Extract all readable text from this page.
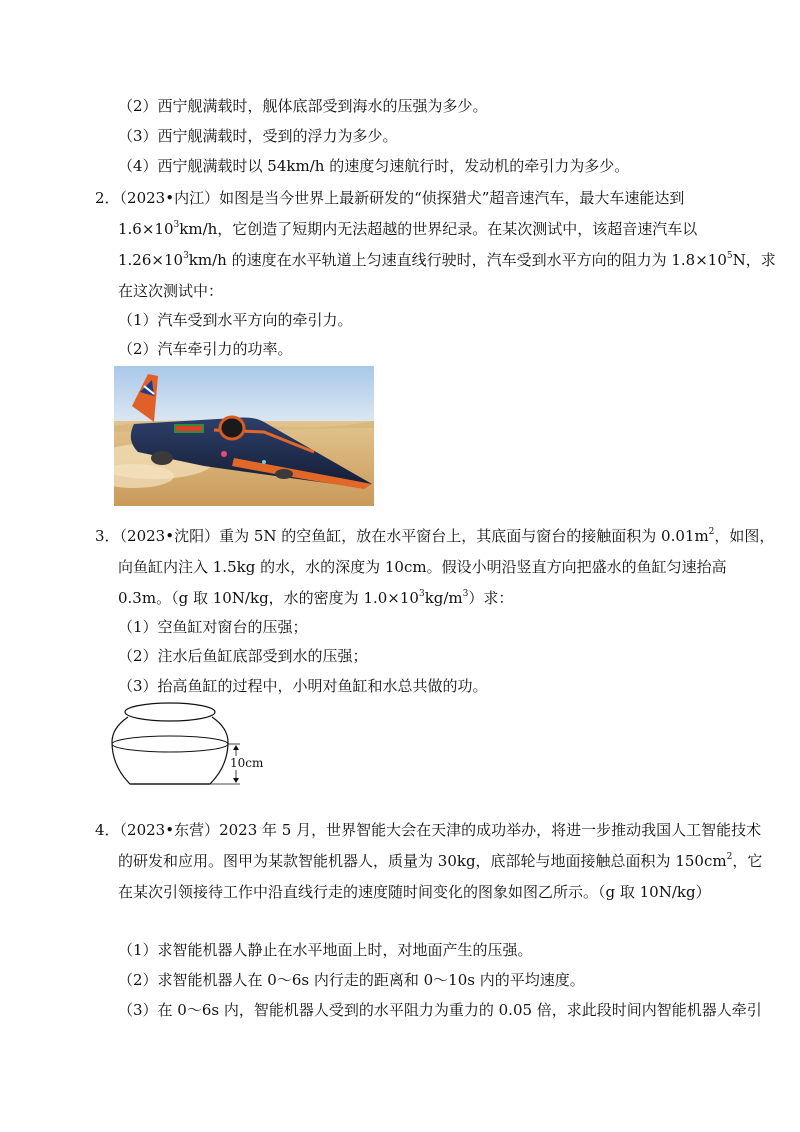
（2）西宁舰满载时，舰体底部受到海水的压强为多少。
（3）西宁舰满载时，受到的浮力为多少。
（4）西宁舰满载时以 54km/h 的速度匀速航行时，发动机的牵引力为多少。
2．（2023•内江）如图是当今世界上最新研发的“侦探猎犬”超音速汽车，最大车速能达到
$1.6\times 10^3km/h$，它创造了短期内无法超越的世界纪录。在某次测试中，该超音速汽车以
$1.26\times 10^3km/h$ 的速度在水平轨道上匀速直线行驶时，汽车受到水平方向的阻力为 $1.8\times 10^5N$，求
在这次测试中：
（1）汽车受到水平方向的牵引力。
（2）汽车牵引力的功率。
3．（2023•沈阳）重为 5N 的空鱼缸，放在水平窗台上，其底面与窗台的接触面积为 $0.01m^2$，如图，
向鱼缸内注入 1.5kg 的水，水的深度为 10cm。假设小明沿竖直方向把盛水的鱼缸匀速抬高
0.3m。（g 取 10N/kg，水的密度为 $1.0\times 10^3kg/m^3$）求：
（1）空鱼缸对窗台的压强；
（2）注水后鱼缸底部受到水的压强；
（3）抬高鱼缸的过程中，小明对鱼缸和水总共做的功。
10cm
4．（2023•东营）2023 年 5 月，世界智能大会在天津的成功举办，将进一步推动我国人工智能技术
的研发和应用。图甲为某款智能机器人，质量为 30kg，底部轮与地面接触总面积为 $150cm^2$，它
在某次引领接待工作中沿直线行走的速度随时间变化的图象如图乙所示。（g 取 10N/kg）
（1）求智能机器人静止在水平地面上时，对地面产生的压强。
（2）求智能机器人在 0～6s 内行走的距离和 0～10s 内的平均速度。
（3）在 0～6s 内，智能机器人受到的水平阻力为重力的 0.05 倍，求此段时间内智能机器人牵引
